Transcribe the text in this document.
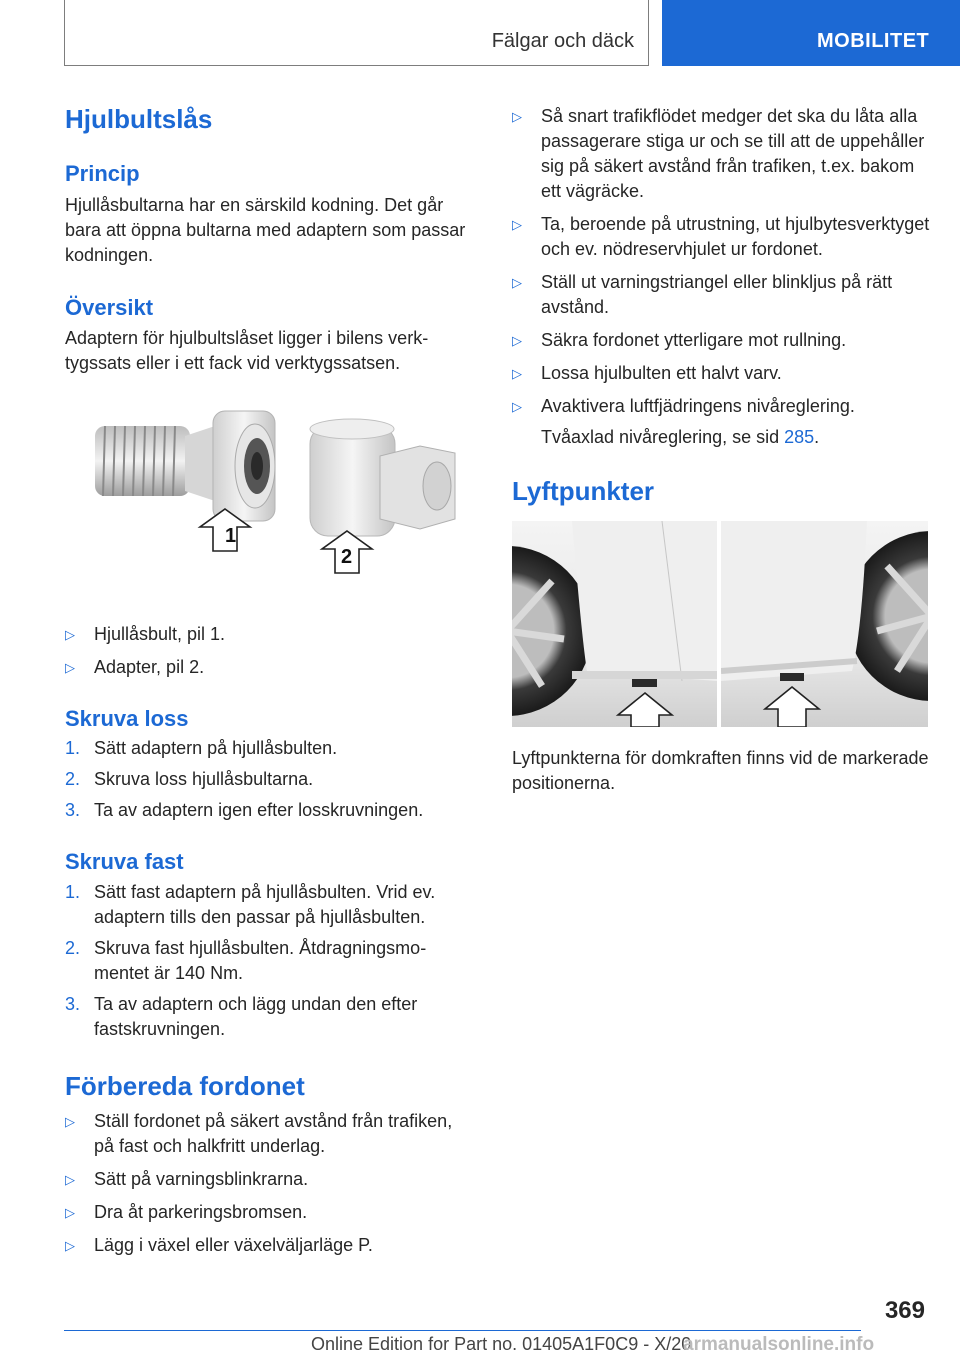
Fälgar och däck	MOBILITET
Hjulbultslås
Princip

Hjullåsbultarna har en särskild kodning. Det går bara att öppna bultarna med adaptern som passar kodningen.

Översikt

Adaptern för hjulbultslåset ligger i bilens verktygssats eller i ett fack vid verktygssatsen.

1
2
▷ Hjullåsbult, pil 1.
▷ Adapter, pil 2.
Skruva loss
1. Sätt adaptern på hjullåsbulten.
2. Skruva loss hjullåsbultarna.
3. Ta av adaptern igen efter losskruvningen.
Skruva fast
1. Sätt fast adaptern på hjullåsbulten. Vrid ev. adaptern tills den passar på hjullåsbulten.
2. Skruva fast hjullåsbulten. Åtdragningsmomentet är 140 Nm.
3. Ta av adaptern och lägg undan den efter fastskruvningen.
Förbereda fordonet
▷ Ställ fordonet på säkert avstånd från trafiken, på fast och halkfritt underlag.
▷ Sätt på varningsblinkrarna.
▷ Dra åt parkeringsbromsen.
▷ Lägg i växel eller växelväljarläge P.
▷ Så snart trafikflödet medger det ska du låta alla passagerare stiga ur och se till att de uppehåller sig på säkert avstånd från trafiken, t.ex. bakom ett vägräcke.
▷ Ta, beroende på utrustning, ut hjulbytesverktyget och ev. nödreservhjulet ur fordonet.
▷ Ställ ut varningstriangel eller blinkljus på rätt avstånd.
▷ Säkra fordonet ytterligare mot rullning.
▷ Lossa hjulbulten ett halvt varv.
▷ Avaktivera luftfjädringens nivåreglering.

Tvåaxlad nivåreglering, se sid 285.

Lyftpunkter

Lyftpunkterna för domkraften finns vid de markerade positionerna.

369
Online Edition for Part no. 01405A1F0C9 - X/20
armanualsonline.info
